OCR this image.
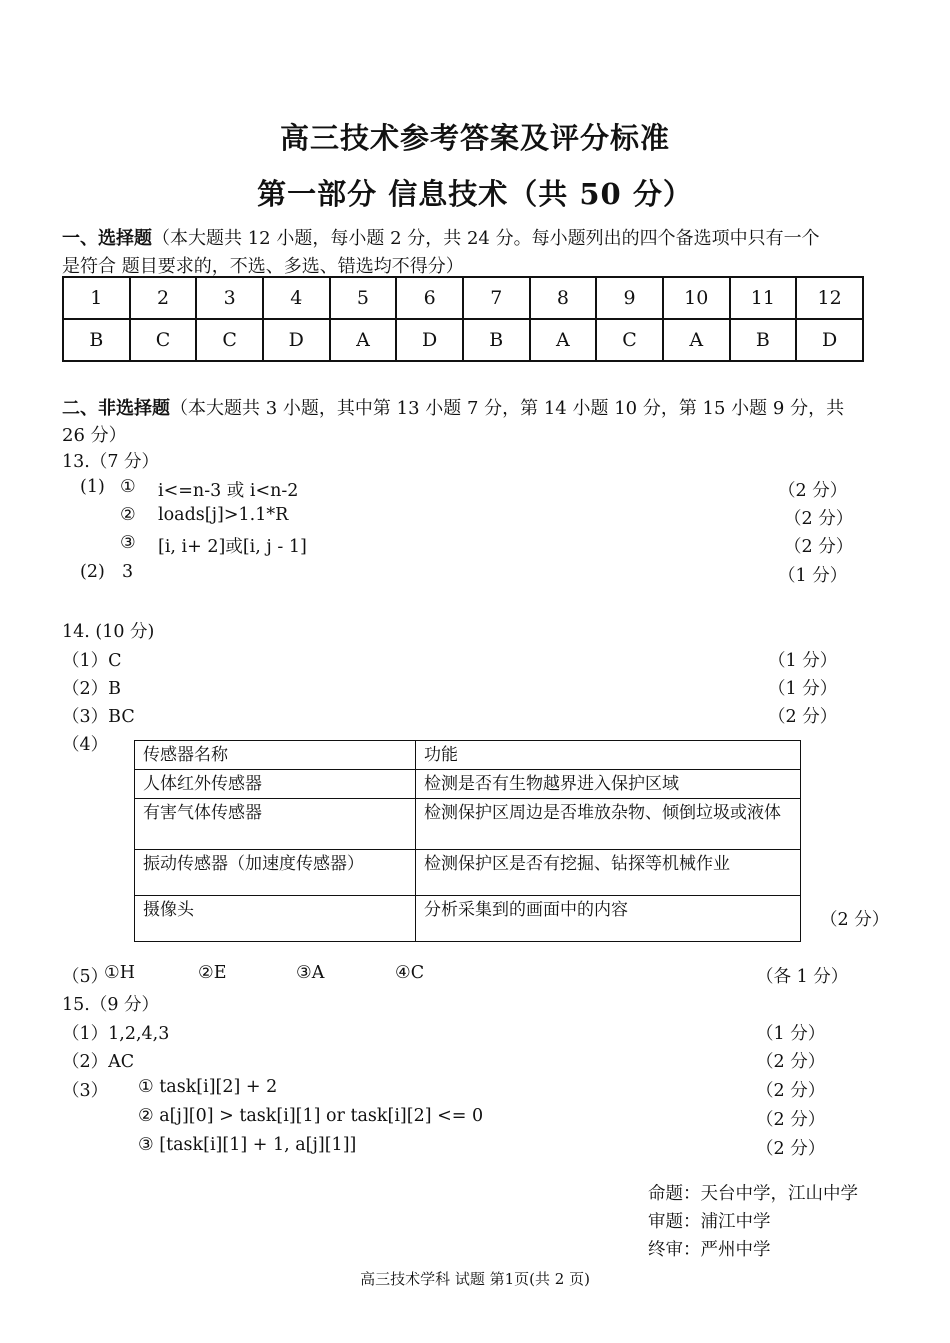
高三技术参考答案及评分标准
第一部分 信息技术（共 50 分）
一、选择题（本大题共 12 小题，每小题 2 分，共 24 分。每小题列出的四个备选项中只有一个
是符合 题目要求的，不选、多选、错选均不得分）
1	2	3	4	5	6	7	8	9	10	11	12
B	C	C	D	A	D	B	A	C	A	B	D
二、非选择题（本大题共 3 小题，其中第 13 小题 7 分，第 14 小题 10 分，第 15 小题 9 分，共
26 分）
13.（7 分）
(1) ① i<=n-3 或 i<n-2	（2 分）
② loads[j]>1.1*R	（2 分）
③ [i, i+ 2]或[i, j - 1]	（2 分）
(2) 3	（1 分）
14. (10 分)
（1）C	（1 分）
（2）B	（1 分）
（3）BC	（2 分）
（4） 传感器名称	功能
人体红外传感器	检测是否有生物越界进入保护区域
有害气体传感器	检测保护区周边是否堆放杂物、倾倒垃圾或液体
振动传感器（加速度传感器）	检测保护区是否有挖掘、钻探等机械作业
摄像头	分析采集到的画面中的内容	（2 分）
（5）
①H	②E	③A	④C	（各 1 分）
15.（9 分）
（1）1,2,4,3	（1 分）
（2）AC	（2 分）
（3） ① task[i][2] + 2	（2 分）
② a[j][0] > task[i][1] or task[i][2] <= 0	（2 分）
③ [task[i][1] + 1, a[j][1]]	（2 分）
命题：天台中学，江山中学
审题：浦江中学
终审：严州中学
高三技术学科 试题 第1页(共 2 页)
